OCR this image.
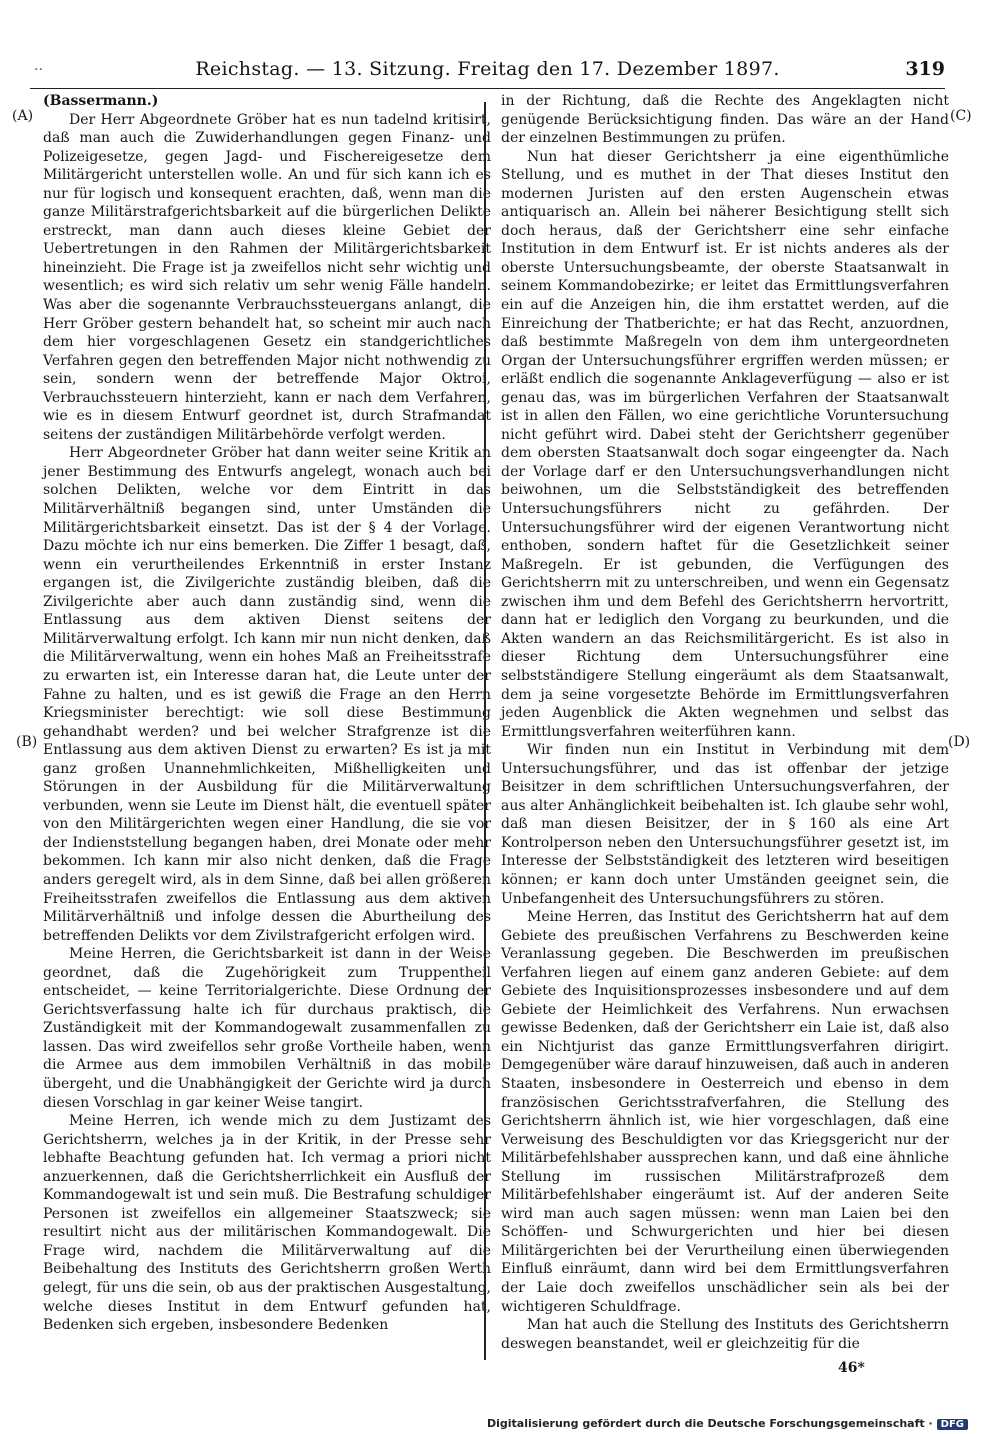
..	Reichstag. — 13. Sitzung. Freitag den 17. Dezember 1897.	319
(A)
(B)
(C)
(D)

(Bassermann.)

Der Herr Abgeordnete Gröber hat es nun tadelnd kritisirt, daß man auch die Zuwiderhandlungen gegen Finanz- und Polizeigesetze, gegen Jagd- und Fischereigesetze dem Militärgericht unterstellen wolle. An und für sich kann ich es nur für logisch und konsequent erachten, daß, wenn man die ganze Militärstrafgerichtsbarkeit auf die bürgerlichen Delikte erstreckt, man dann auch dieses kleine Gebiet der Uebertretungen in den Rahmen der Militärgerichtsbarkeit hineinzieht. Die Frage ist ja zweifellos nicht sehr wichtig und wesentlich; es wird sich relativ um sehr wenig Fälle handeln. Was aber die sogenannte Verbrauchssteuergans anlangt, die Herr Gröber gestern behandelt hat, so scheint mir auch nach dem hier vorgeschlagenen Gesetz ein standgerichtliches Verfahren gegen den betreffenden Major nicht nothwendig zu sein, sondern wenn der betreffende Major Oktroi, Verbrauchssteuern hinterzieht, kann er nach dem Verfahren, wie es in diesem Entwurf geordnet ist, durch Strafmandat seitens der zuständigen Militärbehörde verfolgt werden.

Herr Abgeordneter Gröber hat dann weiter seine Kritik an jener Bestimmung des Entwurfs angelegt, wonach auch bei solchen Delikten, welche vor dem Eintritt in das Militärverhältniß begangen sind, unter Umständen die Militärgerichtsbarkeit einsetzt. Das ist der § 4 der Vorlage. Dazu möchte ich nur eins bemerken. Die Ziffer 1 besagt, daß, wenn ein verurtheilendes Erkenntniß in erster Instanz ergangen ist, die Zivilgerichte zuständig bleiben, daß die Zivilgerichte aber auch dann zuständig sind, wenn die Entlassung aus dem aktiven Dienst seitens der Militärverwaltung erfolgt. Ich kann mir nun nicht denken, daß die Militärverwaltung, wenn ein hohes Maß an Freiheitsstrafe zu erwarten ist, ein Interesse daran hat, die Leute unter der Fahne zu halten, und es ist gewiß die Frage an den Herrn Kriegsminister berechtigt: wie soll diese Bestimmung gehandhabt werden? und bei welcher Strafgrenze ist die Entlassung aus dem aktiven Dienst zu erwarten? Es ist ja mit ganz großen Unannehmlichkeiten, Mißhelligkeiten und Störungen in der Ausbildung für die Militärverwaltung verbunden, wenn sie Leute im Dienst hält, die eventuell später von den Militärgerichten wegen einer Handlung, die sie vor der Indienststellung begangen haben, drei Monate oder mehr bekommen. Ich kann mir also nicht denken, daß die Frage anders geregelt wird, als in dem Sinne, daß bei allen größeren Freiheitsstrafen zweifellos die Entlassung aus dem aktiven Militärverhältniß und infolge dessen die Aburtheilung des betreffenden Delikts vor dem Zivilstrafgericht erfolgen wird.

Meine Herren, die Gerichtsbarkeit ist dann in der Weise geordnet, daß die Zugehörigkeit zum Truppentheil entscheidet, — keine Territorialgerichte. Diese Ordnung der Gerichtsverfassung halte ich für durchaus praktisch, die Zuständigkeit mit der Kommandogewalt zusammenfallen zu lassen. Das wird zweifellos sehr große Vortheile haben, wenn die Armee aus dem immobilen Verhältniß in das mobile übergeht, und die Unabhängigkeit der Gerichte wird ja durch diesen Vorschlag in gar keiner Weise tangirt.

Meine Herren, ich wende mich zu dem Justizamt des Gerichtsherrn, welches ja in der Kritik, in der Presse sehr lebhafte Beachtung gefunden hat. Ich vermag a priori nicht anzuerkennen, daß die Gerichtsherrlichkeit ein Ausfluß der Kommandogewalt ist und sein muß. Die Bestrafung schuldiger Personen ist zweifellos ein allgemeiner Staatszweck; sie resultirt nicht aus der militärischen Kommandogewalt. Die Frage wird, nachdem die Militärverwaltung auf die Beibehaltung des Instituts des Gerichtsherrn großen Werth gelegt, für uns die sein, ob aus der praktischen Ausgestaltung, welche dieses Institut in dem Entwurf gefunden hat, Bedenken sich ergeben, insbesondere Bedenken

in der Richtung, daß die Rechte des Angeklagten nicht genügende Berücksichtigung finden. Das wäre an der Hand der einzelnen Bestimmungen zu prüfen.

Nun hat dieser Gerichtsherr ja eine eigenthümliche Stellung, und es muthet in der That dieses Institut den modernen Juristen auf den ersten Augenschein etwas antiquarisch an. Allein bei näherer Besichtigung stellt sich doch heraus, daß der Gerichtsherr eine sehr einfache Institution in dem Entwurf ist. Er ist nichts anderes als der oberste Untersuchungsbeamte, der oberste Staatsanwalt in seinem Kommandobezirke; er leitet das Ermittlungsverfahren ein auf die Anzeigen hin, die ihm erstattet werden, auf die Einreichung der Thatberichte; er hat das Recht, anzuordnen, daß bestimmte Maßregeln von dem ihm untergeordneten Organ der Untersuchungsführer ergriffen werden müssen; er erläßt endlich die sogenannte Anklageverfügung — also er ist genau das, was im bürgerlichen Verfahren der Staatsanwalt ist in allen den Fällen, wo eine gerichtliche Voruntersuchung nicht geführt wird. Dabei steht der Gerichtsherr gegenüber dem obersten Staatsanwalt doch sogar eingeengter da. Nach der Vorlage darf er den Untersuchungsverhandlungen nicht beiwohnen, um die Selbstständigkeit des betreffenden Untersuchungsführers nicht zu gefährden. Der Untersuchungsführer wird der eigenen Verantwortung nicht enthoben, sondern haftet für die Gesetzlichkeit seiner Maßregeln. Er ist gebunden, die Verfügungen des Gerichtsherrn mit zu unterschreiben, und wenn ein Gegensatz zwischen ihm und dem Befehl des Gerichtsherrn hervortritt, dann hat er lediglich den Vorgang zu beurkunden, und die Akten wandern an das Reichsmilitärgericht. Es ist also in dieser Richtung dem Untersuchungsführer eine selbstständigere Stellung eingeräumt als dem Staatsanwalt, dem ja seine vorgesetzte Behörde im Ermittlungsverfahren jeden Augenblick die Akten wegnehmen und selbst das Ermittlungsverfahren weiterführen kann.

Wir finden nun ein Institut in Verbindung mit dem Untersuchungsführer, und das ist offenbar der jetzige Beisitzer in dem schriftlichen Untersuchungsverfahren, der aus alter Anhänglichkeit beibehalten ist. Ich glaube sehr wohl, daß man diesen Beisitzer, der in § 160 als eine Art Kontrolperson neben den Untersuchungsführer gesetzt ist, im Interesse der Selbstständigkeit des letzteren wird beseitigen können; er kann doch unter Umständen geeignet sein, die Unbefangenheit des Untersuchungsführers zu stören.

Meine Herren, das Institut des Gerichtsherrn hat auf dem Gebiete des preußischen Verfahrens zu Beschwerden keine Veranlassung gegeben. Die Beschwerden im preußischen Verfahren liegen auf einem ganz anderen Gebiete: auf dem Gebiete des Inquisitionsprozesses insbesondere und auf dem Gebiete der Heimlichkeit des Verfahrens. Nun erwachsen gewisse Bedenken, daß der Gerichtsherr ein Laie ist, daß also ein Nichtjurist das ganze Ermittlungsverfahren dirigirt. Demgegenüber wäre darauf hinzuweisen, daß auch in anderen Staaten, insbesondere in Oesterreich und ebenso in dem französischen Gerichtsstrafverfahren, die Stellung des Gerichtsherrn ähnlich ist, wie hier vorgeschlagen, daß eine Verweisung des Beschuldigten vor das Kriegsgericht nur der Militärbefehlshaber aussprechen kann, und daß eine ähnliche Stellung im russischen Militärstrafprozeß dem Militärbefehlshaber eingeräumt ist. Auf der anderen Seite wird man auch sagen müssen: wenn man Laien bei den Schöffen- und Schwurgerichten und hier bei diesen Militärgerichten bei der Verurtheilung einen überwiegenden Einfluß einräumt, dann wird bei dem Ermittlungsverfahren der Laie doch zweifellos unschädlicher sein als bei der wichtigeren Schuldfrage.

Man hat auch die Stellung des Instituts des Gerichtsherrn deswegen beanstandet, weil er gleichzeitig für die

46*
Digitalisierung gefördert durch die Deutsche Forschungsgemeinschaft · DFG
